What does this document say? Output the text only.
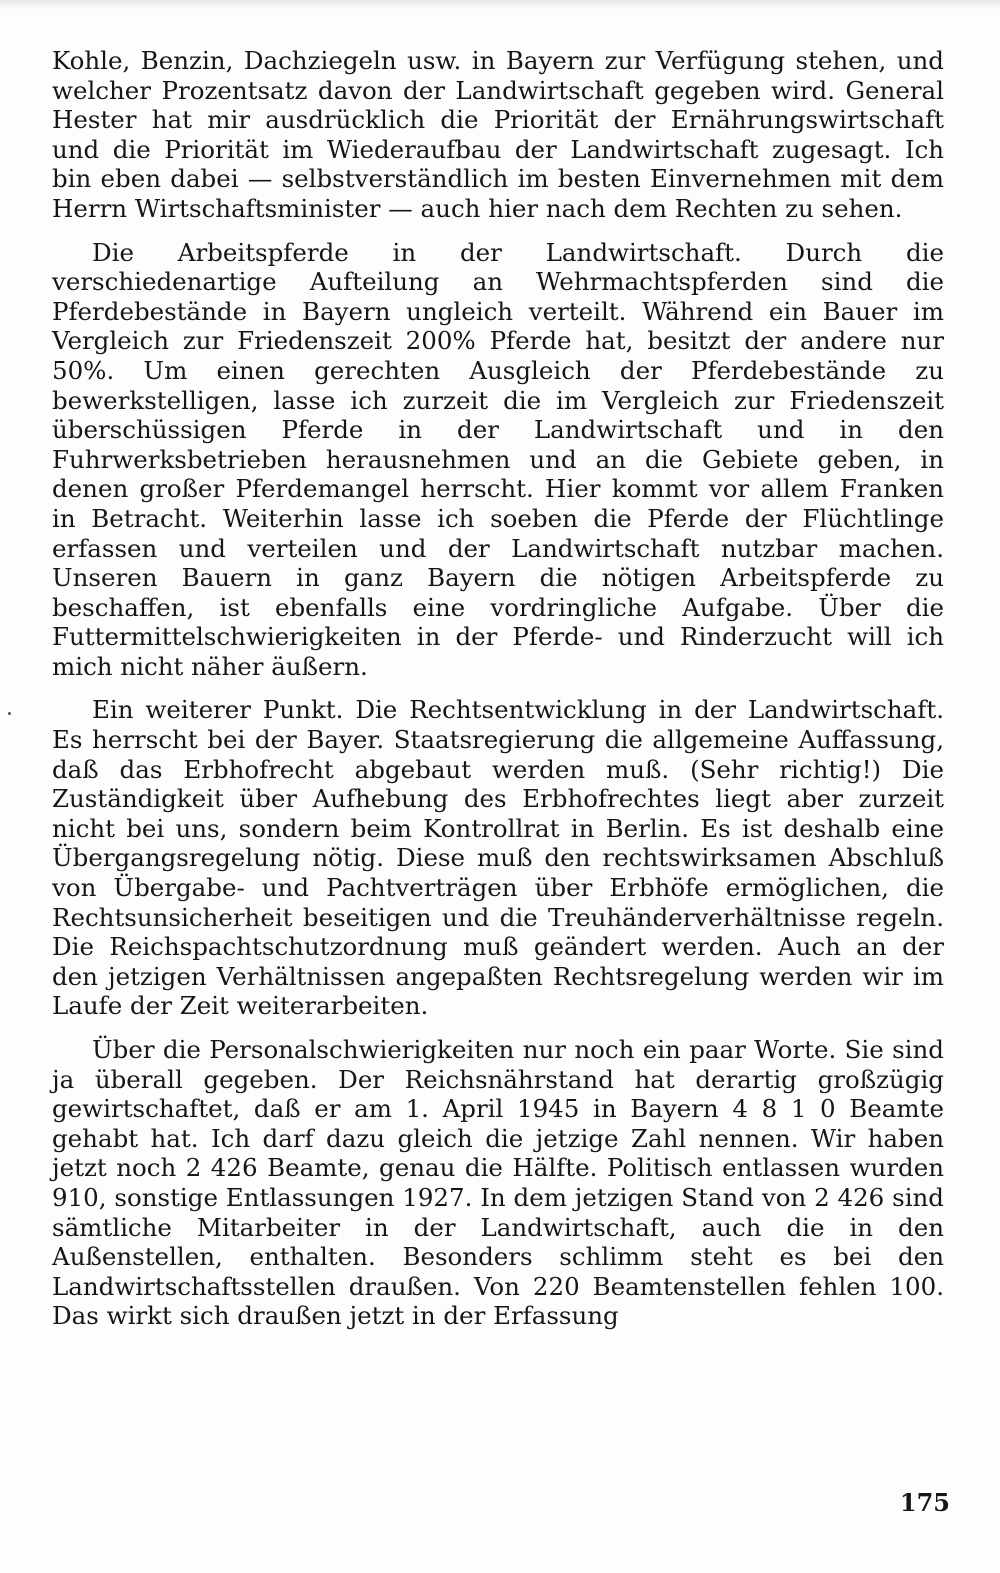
Kohle, Benzin, Dachziegeln usw. in Bayern zur Verfügung stehen, und welcher Prozentsatz davon der Landwirtschaft gegeben wird. General Hester hat mir ausdrücklich die Priorität der Ernährungswirtschaft und die Priorität im Wiederaufbau der Landwirtschaft zugesagt. Ich bin eben dabei — selbstverständlich im besten Einvernehmen mit dem Herrn Wirtschaftsminister — auch hier nach dem Rechten zu sehen.

Die Arbeitspferde in der Landwirtschaft. Durch die verschiedenartige Aufteilung an Wehrmachtspferden sind die Pferdebestände in Bayern ungleich verteilt. Während ein Bauer im Vergleich zur Friedenszeit 200% Pferde hat, besitzt der andere nur 50%. Um einen gerechten Ausgleich der Pferdebestände zu bewerkstelligen, lasse ich zurzeit die im Vergleich zur Friedenszeit überschüssigen Pferde in der Landwirtschaft und in den Fuhrwerksbetrieben herausnehmen und an die Gebiete geben, in denen großer Pferdemangel herrscht. Hier kommt vor allem Franken in Betracht. Weiterhin lasse ich soeben die Pferde der Flüchtlinge erfassen und verteilen und der Landwirtschaft nutzbar machen. Unseren Bauern in ganz Bayern die nötigen Arbeitspferde zu beschaffen, ist ebenfalls eine vordringliche Aufgabe. Über die Futtermittelschwierigkeiten in der Pferde- und Rinderzucht will ich mich nicht näher äußern.

Ein weiterer Punkt. Die Rechtsentwicklung in der Landwirtschaft. Es herrscht bei der Bayer. Staatsregierung die allgemeine Auffassung, daß das Erbhofrecht abgebaut werden muß. (Sehr richtig!) Die Zuständigkeit über Aufhebung des Erbhofrechtes liegt aber zurzeit nicht bei uns, sondern beim Kontrollrat in Berlin. Es ist deshalb eine Übergangsregelung nötig. Diese muß den rechtswirksamen Abschluß von Übergabe- und Pachtverträgen über Erbhöfe ermöglichen, die Rechtsunsicherheit beseitigen und die Treuhänderverhältnisse regeln. Die Reichspachtschutzordnung muß geändert werden. Auch an der den jetzigen Verhältnissen angepaßten Rechtsregelung werden wir im Laufe der Zeit weiterarbeiten.

Über die Personalschwierigkeiten nur noch ein paar Worte. Sie sind ja überall gegeben. Der Reichsnährstand hat derartig großzügig gewirtschaftet, daß er am 1. April 1945 in Bayern 4 8 1 0 Beamte gehabt hat. Ich darf dazu gleich die jetzige Zahl nennen. Wir haben jetzt noch 2 426 Beamte, genau die Hälfte. Politisch entlassen wurden 910, sonstige Entlassungen 1927. In dem jetzigen Stand von 2 426 sind sämtliche Mitarbeiter in der Landwirtschaft, auch die in den Außenstellen, enthalten. Besonders schlimm steht es bei den Landwirtschaftsstellen draußen. Von 220 Beamtenstellen fehlen 100. Das wirkt sich draußen jetzt in der Erfassung

175
